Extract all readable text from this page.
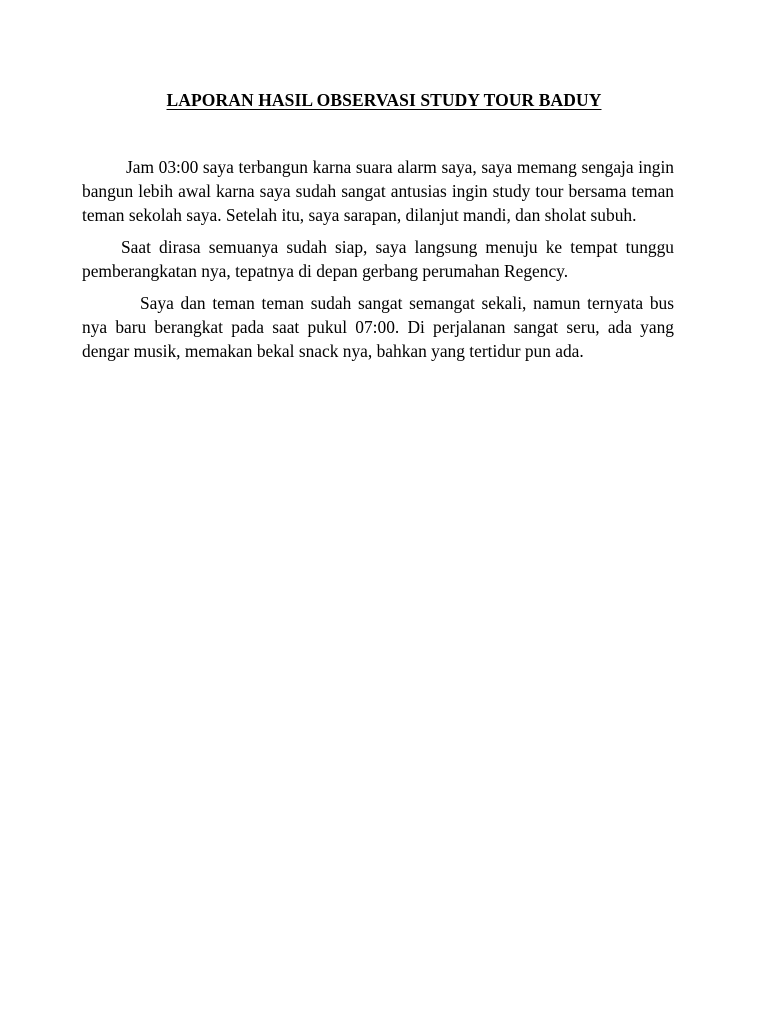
LAPORAN HASIL OBSERVASI STUDY TOUR BADUY

Jam 03:00 saya terbangun karna suara alarm saya, saya memang sengaja ingin bangun lebih awal karna saya sudah sangat antusias ingin study tour bersama teman teman sekolah saya. Setelah itu, saya sarapan, dilanjut mandi, dan sholat subuh.

Saat dirasa semuanya sudah siap, saya langsung menuju ke tempat tunggu pemberangkatan nya, tepatnya di depan gerbang perumahan Regency.

Saya dan teman teman sudah sangat semangat sekali, namun ternyata bus nya baru berangkat pada saat pukul 07:00. Di perjalanan sangat seru, ada yang dengar musik, memakan bekal snack nya, bahkan yang tertidur pun ada.
